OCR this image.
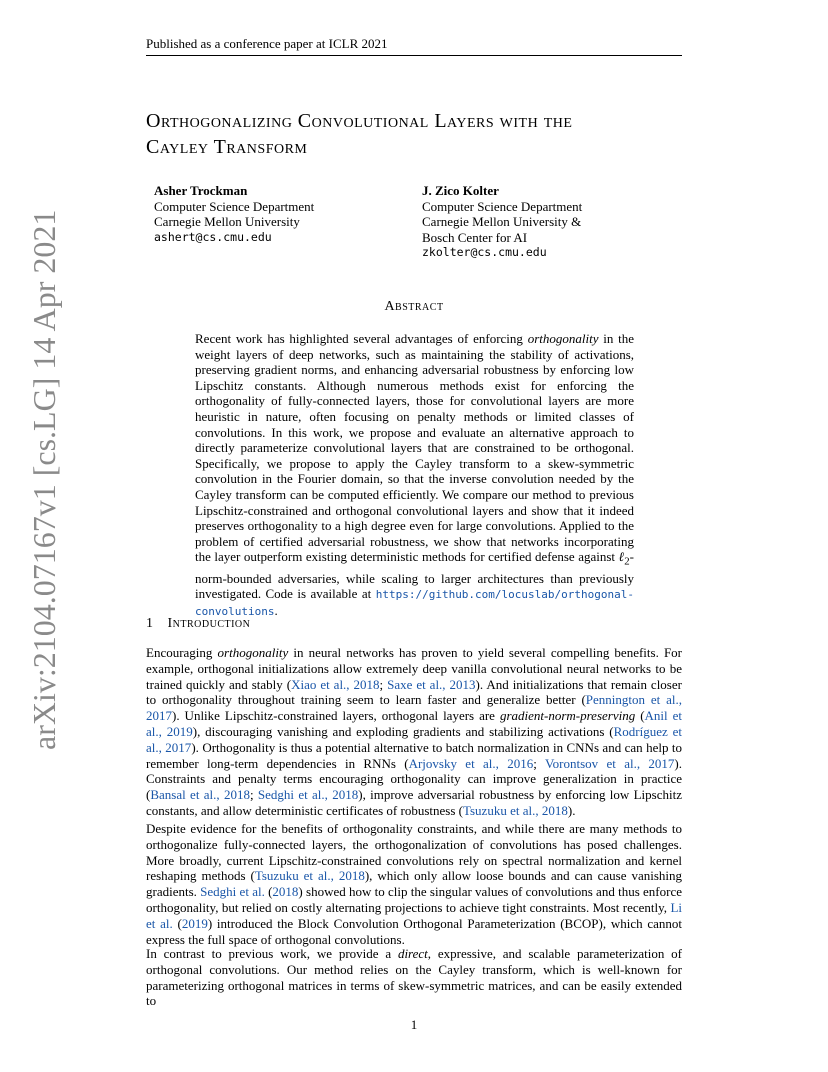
Published as a conference paper at ICLR 2021
arXiv:2104.07167v1 [cs.LG] 14 Apr 2021
Orthogonalizing Convolutional Layers with the
Cayley Transform
Asher Trockman
Computer Science Department
Carnegie Mellon University
ashert@cs.cmu.edu
J. Zico Kolter
Computer Science Department
Carnegie Mellon University &
Bosch Center for AI
zkolter@cs.cmu.edu
Abstract
Recent work has highlighted several advantages of enforcing orthogonality in the weight layers of deep networks, such as maintaining the stability of activations, preserving gradient norms, and enhancing adversarial robustness by enforcing low Lipschitz constants. Although numerous methods exist for enforcing the orthogonality of fully-connected layers, those for convolutional layers are more heuristic in nature, often focusing on penalty methods or limited classes of convolutions. In this work, we propose and evaluate an alternative approach to directly parameterize convolutional layers that are constrained to be orthogonal. Specifically, we propose to apply the Cayley transform to a skew-symmetric convolution in the Fourier domain, so that the inverse convolution needed by the Cayley transform can be computed efficiently. We compare our method to previous Lipschitz-constrained and orthogonal convolutional layers and show that it indeed preserves orthogonality to a high degree even for large convolutions. Applied to the problem of certified adversarial robustness, we show that networks incorporating the layer outperform existing deterministic methods for certified defense against ℓ$_2$-norm-bounded adversaries, while scaling to larger architectures than previously investigated. Code is available at https://github.com/locuslab/orthogonal-convolutions.
1 Introduction
Encouraging orthogonality in neural networks has proven to yield several compelling benefits. For example, orthogonal initializations allow extremely deep vanilla convolutional neural networks to be trained quickly and stably (Xiao et al., 2018; Saxe et al., 2013). And initializations that remain closer to orthogonality throughout training seem to learn faster and generalize better (Pennington et al., 2017). Unlike Lipschitz-constrained layers, orthogonal layers are gradient-norm-preserving (Anil et al., 2019), discouraging vanishing and exploding gradients and stabilizing activations (Rodríguez et al., 2017). Orthogonality is thus a potential alternative to batch normalization in CNNs and can help to remember long-term dependencies in RNNs (Arjovsky et al., 2016; Vorontsov et al., 2017). Constraints and penalty terms encouraging orthogonality can improve generalization in practice (Bansal et al., 2018; Sedghi et al., 2018), improve adversarial robustness by enforcing low Lipschitz constants, and allow deterministic certificates of robustness (Tsuzuku et al., 2018).
Despite evidence for the benefits of orthogonality constraints, and while there are many methods to orthogonalize fully-connected layers, the orthogonalization of convolutions has posed challenges. More broadly, current Lipschitz-constrained convolutions rely on spectral normalization and kernel reshaping methods (Tsuzuku et al., 2018), which only allow loose bounds and can cause vanishing gradients. Sedghi et al. (2018) showed how to clip the singular values of convolutions and thus enforce orthogonality, but relied on costly alternating projections to achieve tight constraints. Most recently, Li et al. (2019) introduced the Block Convolution Orthogonal Parameterization (BCOP), which cannot express the full space of orthogonal convolutions.
In contrast to previous work, we provide a direct, expressive, and scalable parameterization of orthogonal convolutions. Our method relies on the Cayley transform, which is well-known for parameterizing orthogonal matrices in terms of skew-symmetric matrices, and can be easily extended to
1
